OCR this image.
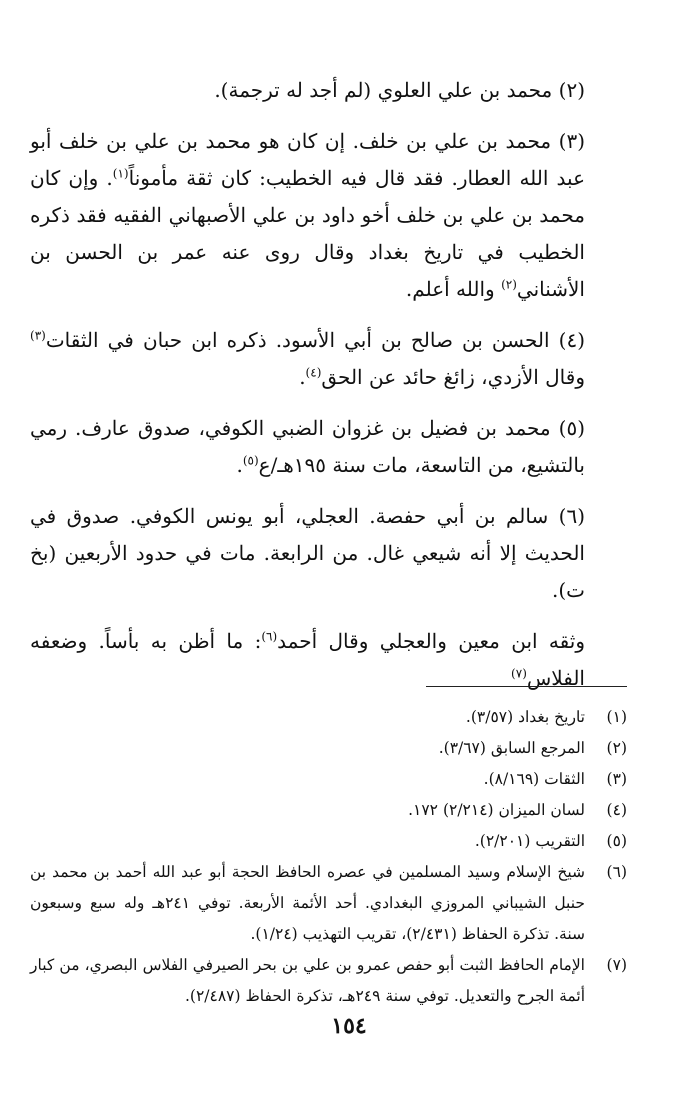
(٢) محمد بن علي العلوي (لم أجد له ترجمة).

(٣) محمد بن علي بن خلف. إن كان هو محمد بن علي بن خلف أبو عبد الله العطار. فقد قال فيه الخطيب: كان ثقة مأموناً$^{(١)}$. وإن كان محمد بن علي بن خلف أخو داود بن علي الأصبهاني الفقيه فقد ذكره الخطيب في تاريخ بغداد وقال روى عنه عمر بن الحسن بن الأشناني$^{(٢)}$ والله أعلم.

(٤) الحسن بن صالح بن أبي الأسود. ذكره ابن حبان في الثقات$^{(٣)}$ وقال الأزدي، زائغ حائد عن الحق$^{(٤)}$.

(٥) محمد بن فضيل بن غزوان الضبي الكوفي، صدوق عارف. رمي بالتشيع، من التاسعة، مات سنة ١٩٥هـ/ع$^{(٥)}$.

(٦) سالم بن أبي حفصة. العجلي، أبو يونس الكوفي. صدوق في الحديث إلا أنه شيعي غال. من الرابعة. مات في حدود الأربعين (بخ ت).

وثقه ابن معين والعجلي وقال أحمد$^{(٦)}$: ما أظن به بأساً. وضعفه الفلاس$^{(٧)}$

(١)
تاريخ بغداد (٣/٥٧).
(٢)
المرجع السابق (٣/٦٧).
(٣)
الثقات (٨/١٦٩).
(٤)
لسان الميزان (٢/٢١٤) ١٧٢.
(٥)
التقريب (٢/٢٠١).
(٦)
شيخ الإسلام وسيد المسلمين في عصره الحافظ الحجة أبو عبد الله أحمد بن محمد بن حنبل الشيباني المروزي البغدادي. أحد الأئمة الأربعة. توفي ٢٤١هـ وله سبع وسبعون سنة. تذكرة الحفاظ (٢/٤٣١)، تقريب التهذيب (١/٢٤).
(٧)
الإمام الحافظ الثبت أبو حفص عمرو بن علي بن بحر الصيرفي الفلاس البصري، من كبار أئمة الجرح والتعديل. توفي سنة ٢٤٩هـ، تذكرة الحفاظ (٢/٤٨٧).
١٥٤
